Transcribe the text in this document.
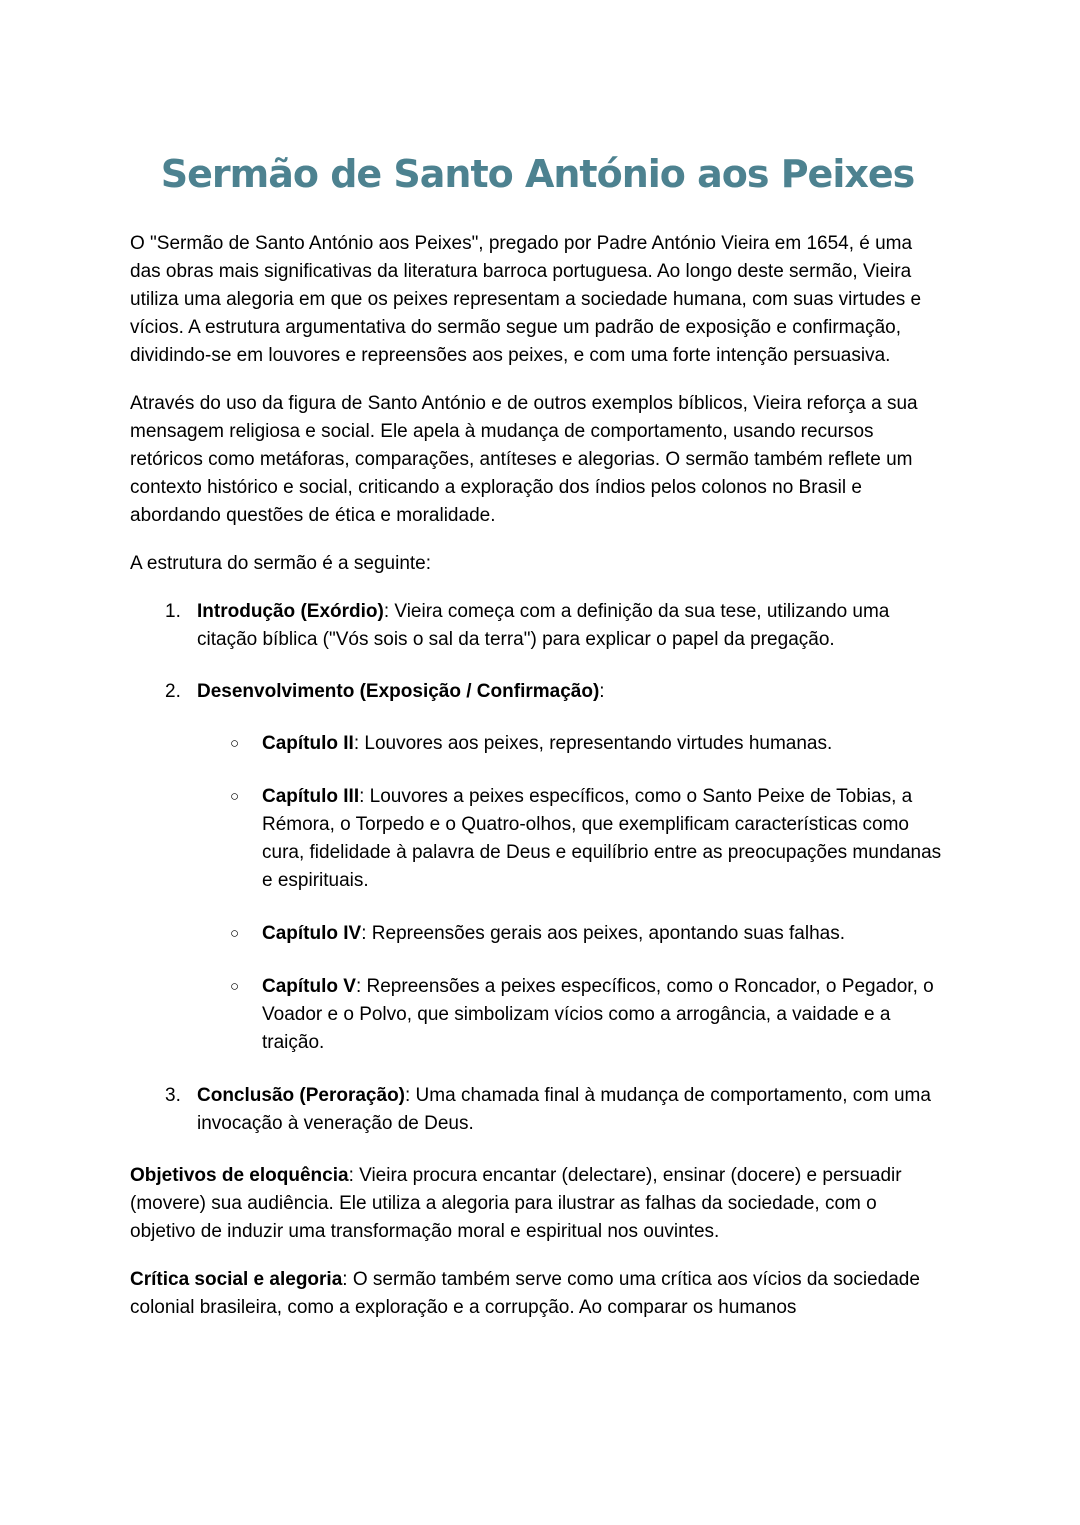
Sermão de Santo António aos Peixes

O "Sermão de Santo António aos Peixes", pregado por Padre António Vieira em 1654, é uma das obras mais significativas da literatura barroca portuguesa. Ao longo deste sermão, Vieira utiliza uma alegoria em que os peixes representam a sociedade humana, com suas virtudes e vícios. A estrutura argumentativa do sermão segue um padrão de exposição e confirmação, dividindo-se em louvores e repreensões aos peixes, e com uma forte intenção persuasiva.

Através do uso da figura de Santo António e de outros exemplos bíblicos, Vieira reforça a sua mensagem religiosa e social. Ele apela à mudança de comportamento, usando recursos retóricos como metáforas, comparações, antíteses e alegorias. O sermão também reflete um contexto histórico e social, criticando a exploração dos índios pelos colonos no Brasil e abordando questões de ética e moralidade.

A estrutura do sermão é a seguinte:

1. Introdução (Exórdio): Vieira começa com a definição da sua tese, utilizando uma citação bíblica ("Vós sois o sal da terra") para explicar o papel da pregação.
2. Desenvolvimento (Exposição / Confirmação):
○	Capítulo II: Louvores aos peixes, representando virtudes humanas.
○	Capítulo III: Louvores a peixes específicos, como o Santo Peixe de Tobias, a Rémora, o Torpedo e o Quatro-olhos, que exemplificam características como cura, fidelidade à palavra de Deus e equilíbrio entre as preocupações mundanas e espirituais.
○	Capítulo IV: Repreensões gerais aos peixes, apontando suas falhas.
○	Capítulo V: Repreensões a peixes específicos, como o Roncador, o Pegador, o Voador e o Polvo, que simbolizam vícios como a arrogância, a vaidade e a traição.
3. Conclusão (Peroração): Uma chamada final à mudança de comportamento, com uma invocação à veneração de Deus.

Objetivos de eloquência: Vieira procura encantar (delectare), ensinar (docere) e persuadir (movere) sua audiência. Ele utiliza a alegoria para ilustrar as falhas da sociedade, com o objetivo de induzir uma transformação moral e espiritual nos ouvintes.

Crítica social e alegoria: O sermão também serve como uma crítica aos vícios da sociedade colonial brasileira, como a exploração e a corrupção. Ao comparar os humanos
